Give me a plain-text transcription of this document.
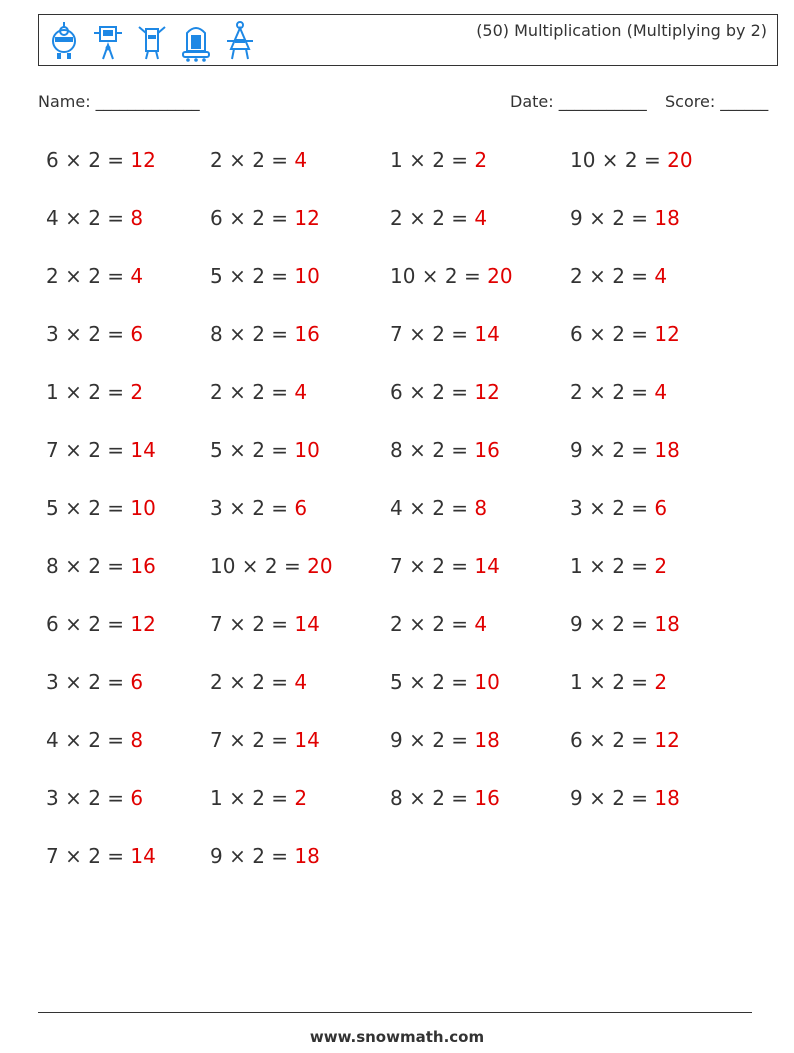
(50) Multiplication (Multiplying by 2)
Name: _____________	Date: ___________ Score: ______
6 × 2 = 12	2 × 2 = 4	1 × 2 = 2	10 × 2 = 20
4 × 2 = 8	6 × 2 = 12	2 × 2 = 4	9 × 2 = 18
2 × 2 = 4	5 × 2 = 10	10 × 2 = 20	2 × 2 = 4
3 × 2 = 6	8 × 2 = 16	7 × 2 = 14	6 × 2 = 12
1 × 2 = 2	2 × 2 = 4	6 × 2 = 12	2 × 2 = 4
7 × 2 = 14	5 × 2 = 10	8 × 2 = 16	9 × 2 = 18
5 × 2 = 10	3 × 2 = 6	4 × 2 = 8	3 × 2 = 6
8 × 2 = 16	10 × 2 = 20	7 × 2 = 14	1 × 2 = 2
6 × 2 = 12	7 × 2 = 14	2 × 2 = 4	9 × 2 = 18
3 × 2 = 6	2 × 2 = 4	5 × 2 = 10	1 × 2 = 2
4 × 2 = 8	7 × 2 = 14	9 × 2 = 18	6 × 2 = 12
3 × 2 = 6	1 × 2 = 2	8 × 2 = 16	9 × 2 = 18
7 × 2 = 14	9 × 2 = 18
www.snowmath.com
